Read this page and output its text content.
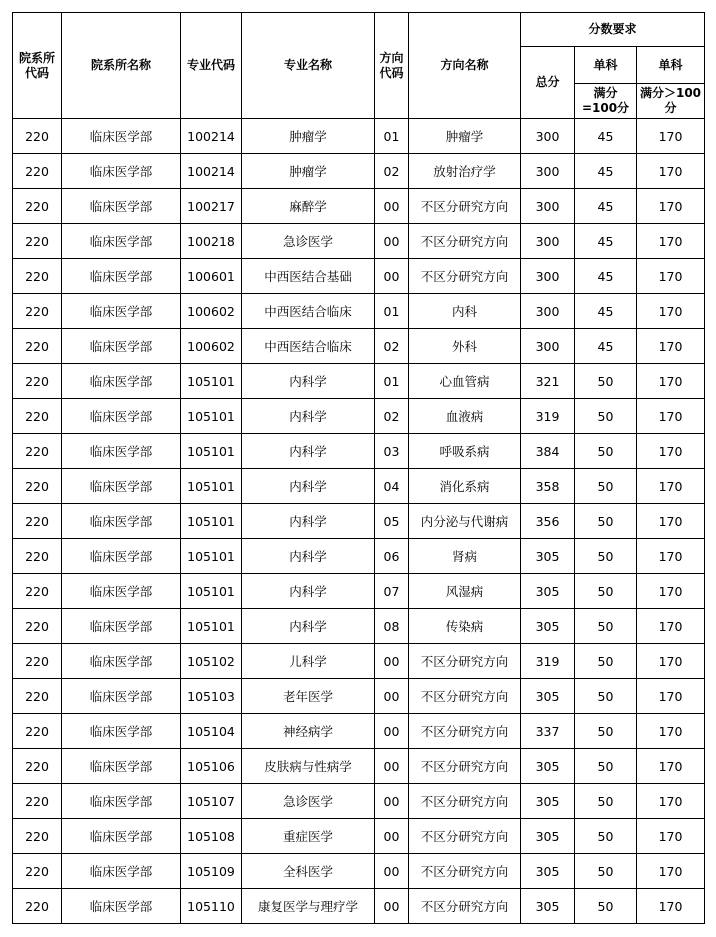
院系所代码	院系所名称	专业代码	专业名称	方向代码	方向名称	分数要求		
						总分	单科	单科
							满分=100分	满分＞100分
220	临床医学部	100214	肿瘤学	01	肿瘤学	300	45	170
220	临床医学部	100214	肿瘤学	02	放射治疗学	300	45	170
220	临床医学部	100217	麻醉学	00	不区分研究方向	300	45	170
220	临床医学部	100218	急诊医学	00	不区分研究方向	300	45	170
220	临床医学部	100601	中西医结合基础	00	不区分研究方向	300	45	170
220	临床医学部	100602	中西医结合临床	01	内科	300	45	170
220	临床医学部	100602	中西医结合临床	02	外科	300	45	170
220	临床医学部	105101	内科学	01	心血管病	321	50	170
220	临床医学部	105101	内科学	02	血液病	319	50	170
220	临床医学部	105101	内科学	03	呼吸系病	384	50	170
220	临床医学部	105101	内科学	04	消化系病	358	50	170
220	临床医学部	105101	内科学	05	内分泌与代谢病	356	50	170
220	临床医学部	105101	内科学	06	肾病	305	50	170
220	临床医学部	105101	内科学	07	风湿病	305	50	170
220	临床医学部	105101	内科学	08	传染病	305	50	170
220	临床医学部	105102	儿科学	00	不区分研究方向	319	50	170
220	临床医学部	105103	老年医学	00	不区分研究方向	305	50	170
220	临床医学部	105104	神经病学	00	不区分研究方向	337	50	170
220	临床医学部	105106	皮肤病与性病学	00	不区分研究方向	305	50	170
220	临床医学部	105107	急诊医学	00	不区分研究方向	305	50	170
220	临床医学部	105108	重症医学	00	不区分研究方向	305	50	170
220	临床医学部	105109	全科医学	00	不区分研究方向	305	50	170
220	临床医学部	105110	康复医学与理疗学	00	不区分研究方向	305	50	170
